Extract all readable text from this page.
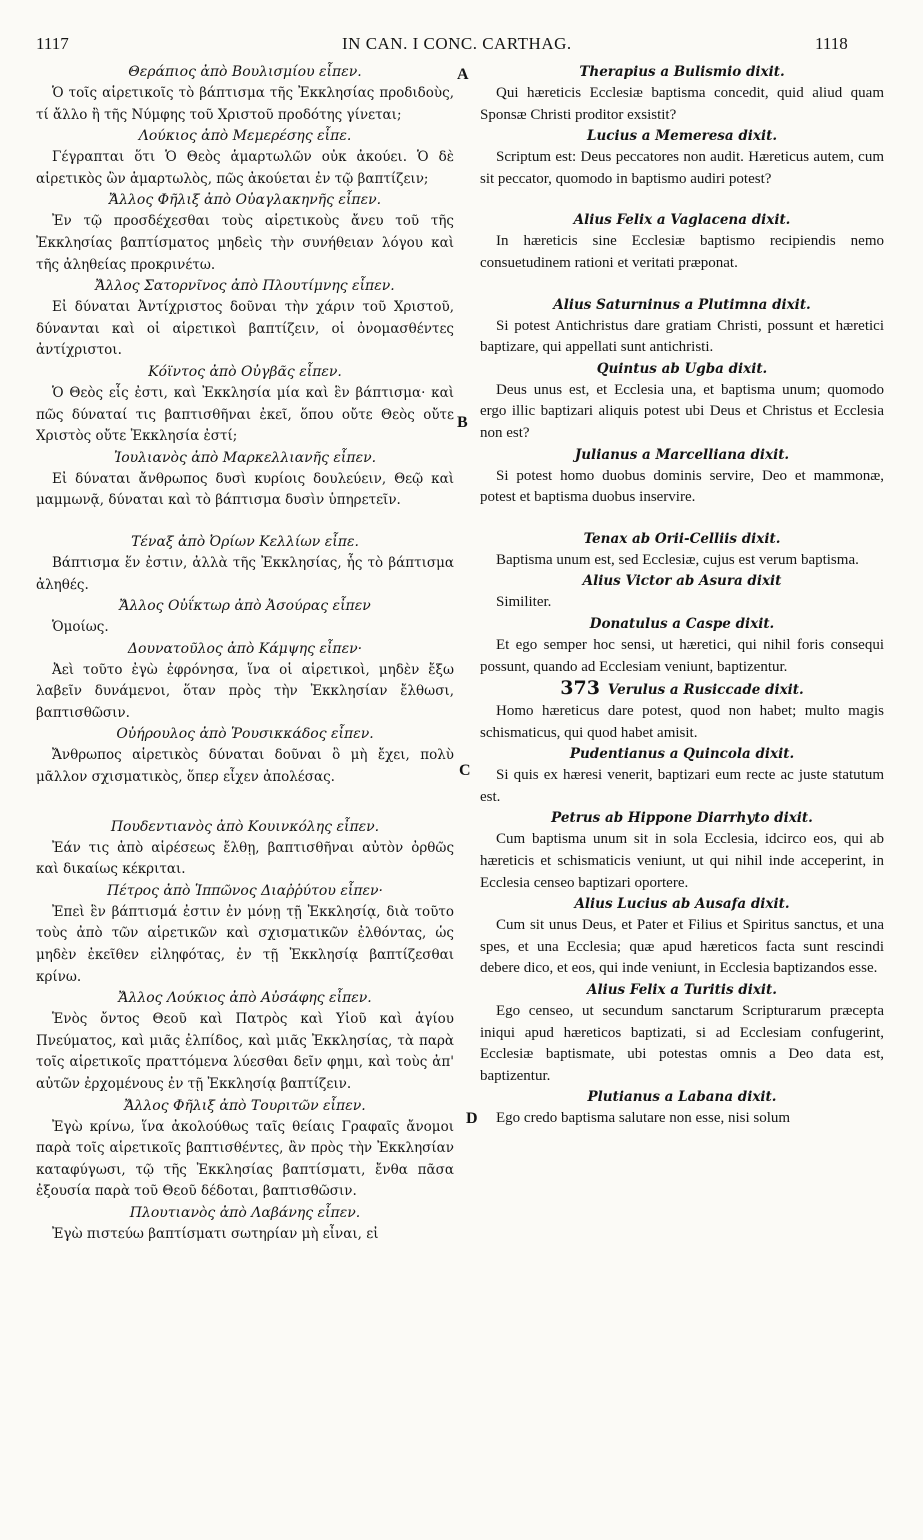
1117	IN CAN. I CONC. CARTHAG.	1118
Θεράπιος ἀπὸ Βουλισμίου εἶπεν.
Ὁ τοῖς αἱρετικοῖς τὸ βάπτισμα τῆς Ἐκκλησίας προδιδοὺς, τί ἄλλο ἢ τῆς Νύμφης τοῦ Χριστοῦ προδότης γίνεται;
Λούκιος ἀπὸ Μεμερέσης εἶπε.
Γέγραπται ὅτι Ὁ Θεὸς ἁμαρτωλῶν οὐκ ἀκούει. Ὁ δὲ αἱρετικὸς ὢν ἁμαρτωλὸς, πῶς ἀκούεται ἐν τῷ βαπτίζειν;
Ἄλλος Φῆλιξ ἀπὸ Οὐαγλακηνῆς εἶπεν.
Ἐν τῷ προσδέχεσθαι τοὺς αἱρετικοὺς ἄνευ τοῦ τῆς Ἐκκλησίας βαπτίσματος μηδεὶς τὴν συνήθειαν λόγου καὶ τῆς ἀληθείας προκρινέτω.
Ἄλλος Σατορνῖνος ἀπὸ Πλουτίμνης εἶπεν.
Εἰ δύναται Ἀντίχριστος δοῦναι τὴν χάριν τοῦ Χριστοῦ, δύνανται καὶ οἱ αἱρετικοὶ βαπτίζειν, οἱ ὀνομασθέντες ἀντίχριστοι.
Κόϊντος ἀπὸ Οὐγβᾶς εἶπεν.
Ὁ Θεὸς εἷς ἐστι, καὶ Ἐκκλησία μία καὶ ἓν βάπτισμα· καὶ πῶς δύναταί τις βαπτισθῆναι ἐκεῖ, ὅπου οὔτε Θεὸς οὔτε Χριστὸς οὔτε Ἐκκλησία ἐστί;
Ἰουλιανὸς ἀπὸ Μαρκελλιανῆς εἶπεν.
Εἰ δύναται ἄνθρωπος δυσὶ κυρίοις δουλεύειν, Θεῷ καὶ μαμμωνᾷ, δύναται καὶ τὸ βάπτισμα δυσὶν ὑπηρετεῖν.
Τέναξ ἀπὸ Ὀρίων Κελλίων εἶπε.
Βάπτισμα ἕν ἐστιν, ἀλλὰ τῆς Ἐκκλησίας, ἧς τὸ βάπτισμα ἀληθές.
Ἄλλος Οὐΐκτωρ ἀπὸ Ἀσούρας εἶπεν
Ὁμοίως.
Δουνατοῦλος ἀπὸ Κάμψης εἶπεν·
Ἀεὶ τοῦτο ἐγὼ ἐφρόνησα, ἵνα οἱ αἱρετικοὶ, μηδὲν ἔξω λαβεῖν δυνάμενοι, ὅταν πρὸς τὴν Ἐκκλησίαν ἔλθωσι, βαπτισθῶσιν.
Οὐήρουλος ἀπὸ Ῥουσικκάδος εἶπεν.
Ἄνθρωπος αἱρετικὸς δύναται δοῦναι ὃ μὴ ἔχει, πολὺ μᾶλλον σχισματικὸς, ὅπερ εἶχεν ἀπολέσας.
Πουδεντιανὸς ἀπὸ Κουινκόλης εἶπεν.
Ἐάν τις ἀπὸ αἱρέσεως ἔλθῃ, βαπτισθῆναι αὐτὸν ὀρθῶς καὶ δικαίως κέκριται.
Πέτρος ἀπὸ Ἱππῶνος Διαῤῥύτου εἶπεν·
Ἐπεὶ ἓν βάπτισμά ἐστιν ἐν μόνῃ τῇ Ἐκκλησίᾳ, διὰ τοῦτο τοὺς ἀπὸ τῶν αἱρετικῶν καὶ σχισματικῶν ἐλθόντας, ὡς μηδὲν ἐκεῖθεν εἰληφότας, ἐν τῇ Ἐκκλησίᾳ βαπτίζεσθαι κρίνω.
Ἄλλος Λούκιος ἀπὸ Αὐσάφης εἶπεν.
Ἑνὸς ὄντος Θεοῦ καὶ Πατρὸς καὶ Υἱοῦ καὶ ἁγίου Πνεύματος, καὶ μιᾶς ἐλπίδος, καὶ μιᾶς Ἐκκλησίας, τὰ παρὰ τοῖς αἱρετικοῖς πραττόμενα λύεσθαι δεῖν φημι, καὶ τοὺς ἀπ' αὐτῶν ἐρχομένους ἐν τῇ Ἐκκλησίᾳ βαπτίζειν.
Ἄλλος Φῆλιξ ἀπὸ Τουριτῶν εἶπεν.
Ἐγὼ κρίνω, ἵνα ἀκολούθως ταῖς θείαις Γραφαῖς ἄνομοι παρὰ τοῖς αἱρετικοῖς βαπτισθέντες, ἂν πρὸς τὴν Ἐκκλησίαν καταφύγωσι, τῷ τῆς Ἐκκλησίας βαπτίσματι, ἔνθα πᾶσα ἐξουσία παρὰ τοῦ Θεοῦ δέδοται, βαπτισθῶσιν.
Πλουτιανὸς ἀπὸ Λαβάνης εἶπεν.
Ἐγὼ πιστεύω βαπτίσματι σωτηρίαν μὴ εἶναι, εἰ
Therapius a Bulismio dixit.
Qui hæreticis Ecclesiæ baptisma concedit, quid aliud quam Sponsæ Christi proditor exsistit?
Lucius a Memeresa dixit.
Scriptum est: Deus peccatores non audit. Hæreticus autem, cum sit peccator, quomodo in baptismo audiri potest?
Alius Felix a Vaglacena dixit.
In hæreticis sine Ecclesiæ baptismo recipiendis nemo consuetudinem rationi et veritati præponat.
Alius Saturninus a Plutimna dixit.
Si potest Antichristus dare gratiam Christi, possunt et hæretici baptizare, qui appellati sunt antichristi.
Quintus ab Ugba dixit.
Deus unus est, et Ecclesia una, et baptisma unum; quomodo ergo illic baptizari aliquis potest ubi Deus et Christus et Ecclesia non est?
Julianus a Marcelliana dixit.
Si potest homo duobus dominis servire, Deo et mammonæ, potest et baptisma duobus inservire.
Tenax ab Orii-Celliis dixit.
Baptisma unum est, sed Ecclesiæ, cujus est verum baptisma.
Alius Victor ab Asura dixit
Similiter.
Donatulus a Caspe dixit.
Et ego semper hoc sensi, ut hæretici, qui nihil foris consequi possunt, quando ad Ecclesiam veniunt, baptizentur.
373 Verulus a Rusiccade dixit.
Homo hæreticus dare potest, quod non habet; multo magis schismaticus, qui quod habet amisit.
Pudentianus a Quincola dixit.
Si quis ex hæresi venerit, baptizari eum recte ac juste statutum est.
Petrus ab Hippone Diarrhyto dixit.
Cum baptisma unum sit in sola Ecclesia, idcirco eos, qui ab hæreticis et schismaticis veniunt, ut qui nihil inde acceperint, in Ecclesia censeo baptizari oportere.
Alius Lucius ab Ausafa dixit.
Cum sit unus Deus, et Pater et Filius et Spiritus sanctus, et una spes, et una Ecclesia; quæ apud hæreticos facta sunt rescindi debere dico, et eos, qui inde veniunt, in Ecclesia baptizandos esse.
Alius Felix a Turitis dixit.
Ego censeo, ut secundum sanctarum Scripturarum præcepta iniqui apud hæreticos baptizati, si ad Ecclesiam confugerint, Ecclesiæ baptismate, ubi potestas omnis a Deo data est, baptizentur.
Plutianus a Labana dixit.
Ego credo baptisma salutare non esse, nisi solum
A
B
C
D
